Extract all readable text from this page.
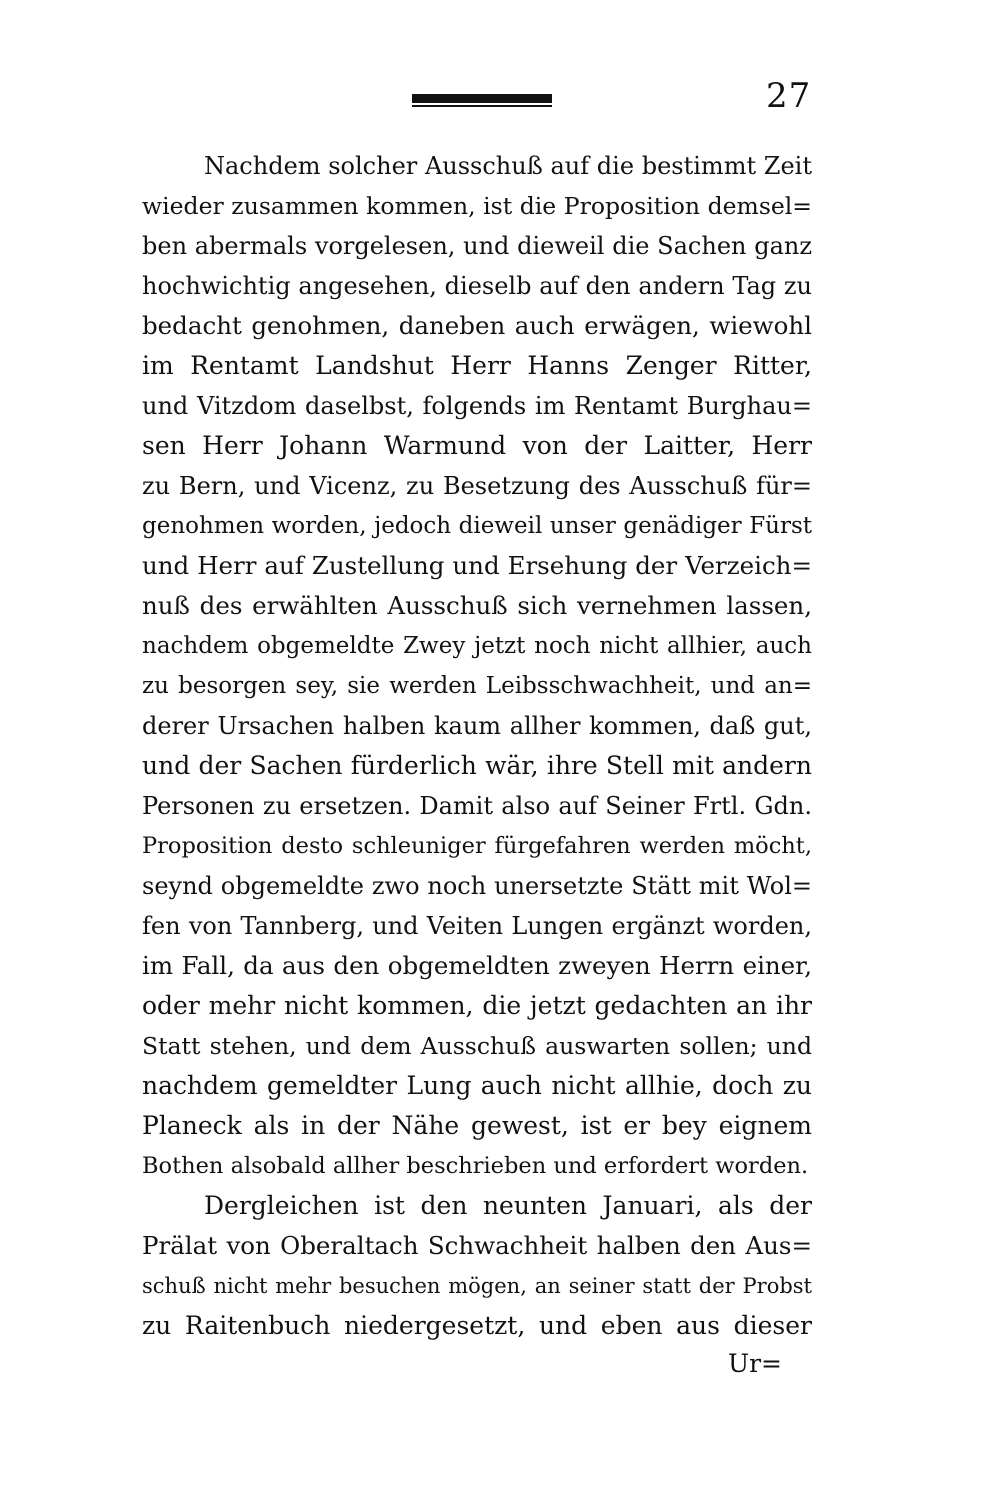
27
Nachdem solcher Ausschuß auf die bestimmt Zeit
wieder zusammen kommen, ist die Proposition demsel=
ben abermals vorgelesen, und dieweil die Sachen ganz
hochwichtig angesehen, dieselb auf den andern Tag zu
bedacht genohmen, daneben auch erwägen, wiewohl
im Rentamt Landshut Herr Hanns Zenger Ritter,
und Vitzdom daselbst, folgends im Rentamt Burghau=
sen Herr Johann Warmund von der Laitter, Herr
zu Bern, und Vicenz, zu Besetzung des Ausschuß für=
genohmen worden, jedoch dieweil unser genädiger Fürst
und Herr auf Zustellung und Ersehung der Verzeich=
nuß des erwählten Ausschuß sich vernehmen lassen,
nachdem obgemeldte Zwey jetzt noch nicht allhier, auch
zu besorgen sey, sie werden Leibsschwachheit, und an=
derer Ursachen halben kaum allher kommen, daß gut,
und der Sachen fürderlich wär, ihre Stell mit andern
Personen zu ersetzen. Damit also auf Seiner Frtl. Gdn.
Proposition desto schleuniger fürgefahren werden möcht,
seynd obgemeldte zwo noch unersetzte Stätt mit Wol=
fen von Tannberg, und Veiten Lungen ergänzt worden,
im Fall, da aus den obgemeldten zweyen Herrn einer,
oder mehr nicht kommen, die jetzt gedachten an ihr
Statt stehen, und dem Ausschuß auswarten sollen; und
nachdem gemeldter Lung auch nicht allhie, doch zu
Planeck als in der Nähe gewest, ist er bey eignem
Bothen alsobald allher beschrieben und erfordert worden.
Dergleichen ist den neunten Januari, als der
Prälat von Oberaltach Schwachheit halben den Aus=
schuß nicht mehr besuchen mögen, an seiner statt der Probst
zu Raitenbuch niedergesetzt, und eben aus dieser
Ur=
